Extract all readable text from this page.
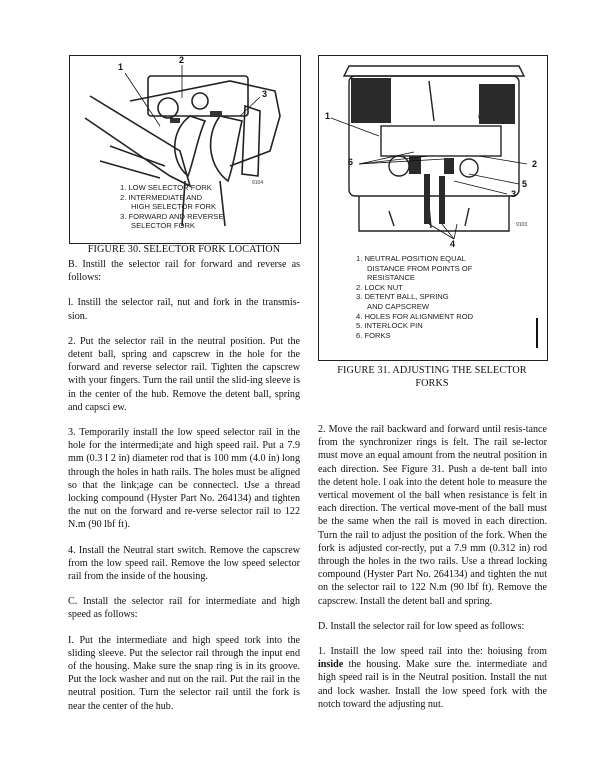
1
2
3
9104
1. LOW SELECTOR FORK
2. INTERMEDIATE AND
HIGH SELECTOR FORK
3. FORWARD AND REVERSE
SELECTOR FORK
FIGURE 30. SELECTOR FORK LOCATION
1
2
3
4
5
6
9103
1. NEUTRAL POSITION EQUAL
DISTANCE FROM POINTS OF
RESISTANCE
2. LOCK NUT
3. DETENT BALL, SPRING
AND CAPSCREW
4. HOLES FOR ALIGNMENT ROD
5. INTERLOCK PIN
6. FORKS
FIGURE 31. ADJUSTING THE SELECTOR
FORKS

B. Instill the selector rail for forward and reverse as follows:

l. Instill the selector rail, nut and fork in the transmis-sion.

2. Put the selector rail in the neutral position. Put the detent ball, spring and capscrew in the hole for the forward and reverse selector rail. Tighten the capscrew with your fingers. Turn the rail until the slid-ing sleeve is in the center of the hub. Remove the detent ball, spring and capsci ew.

3. Temporarily install the low speed selector rail in the hole for the intermedi;ate and high speed rail. Put a 7.9 mm (0.3 I 2 in) diameter rod that is 100 mm (4.0 in) long through the holes in hath rails. The holes must be aligned so that the link;age can be connectecl. tJse a thread locking compound (Hyster Part No. 264134) and tighten the nut on the forward and re-verse selector rail to 122 N.m (90 lbf ft).

4. Install the Neutral start switch. Remove the capscrew from the low speed rail. Remove the low speed selector rail from the inside of the housing.

C. Install the selector rail for intermediate and high speed as follows:

I. Put the intermediate and high speed tork into the sliding sleeve. Put the selector rail through the input end of the housing. Make sure the snap ring is in its groove. Put the lock washer and nut on the rail. Put the rail in the neutral position. Turn the selector rail until the fork is near the center of the hub.

2. Move the rail backward and forward until resis-tance from the synchronizer rings is felt. The rail se-lector must move an equal amount from the neutral position in each direction. See Figure 31. Push a de-tent ball into the detent hole. l oak into the detent hole to measure the vertical movement ol the ball when resistance is felt in each direction. The vertical move-ment of the ball must be the same when the rail is moved in each direction. Turn the rail to adjust the position of the fork. When the fork is adjusted cor-rectly, put a 7.9 mm (0.312 in) rod through the holes in the two rails. Use a thread locking compound (Hyster Part No. 264134) and tighten the nut on the selector rail to 122 N.m (90 lbf ft). Remove the capscrew. Install the detent ball and spring.

D. Install the selector rail for low speed as follows:

1. Instaill the low speed rail into the: hoiusing from inside the housing. Make sure the. intermediate and high speed rail is in the Neutral position. Install the nut and lock washer. Install the low speed fork with the notch toward the adjusting nut.
